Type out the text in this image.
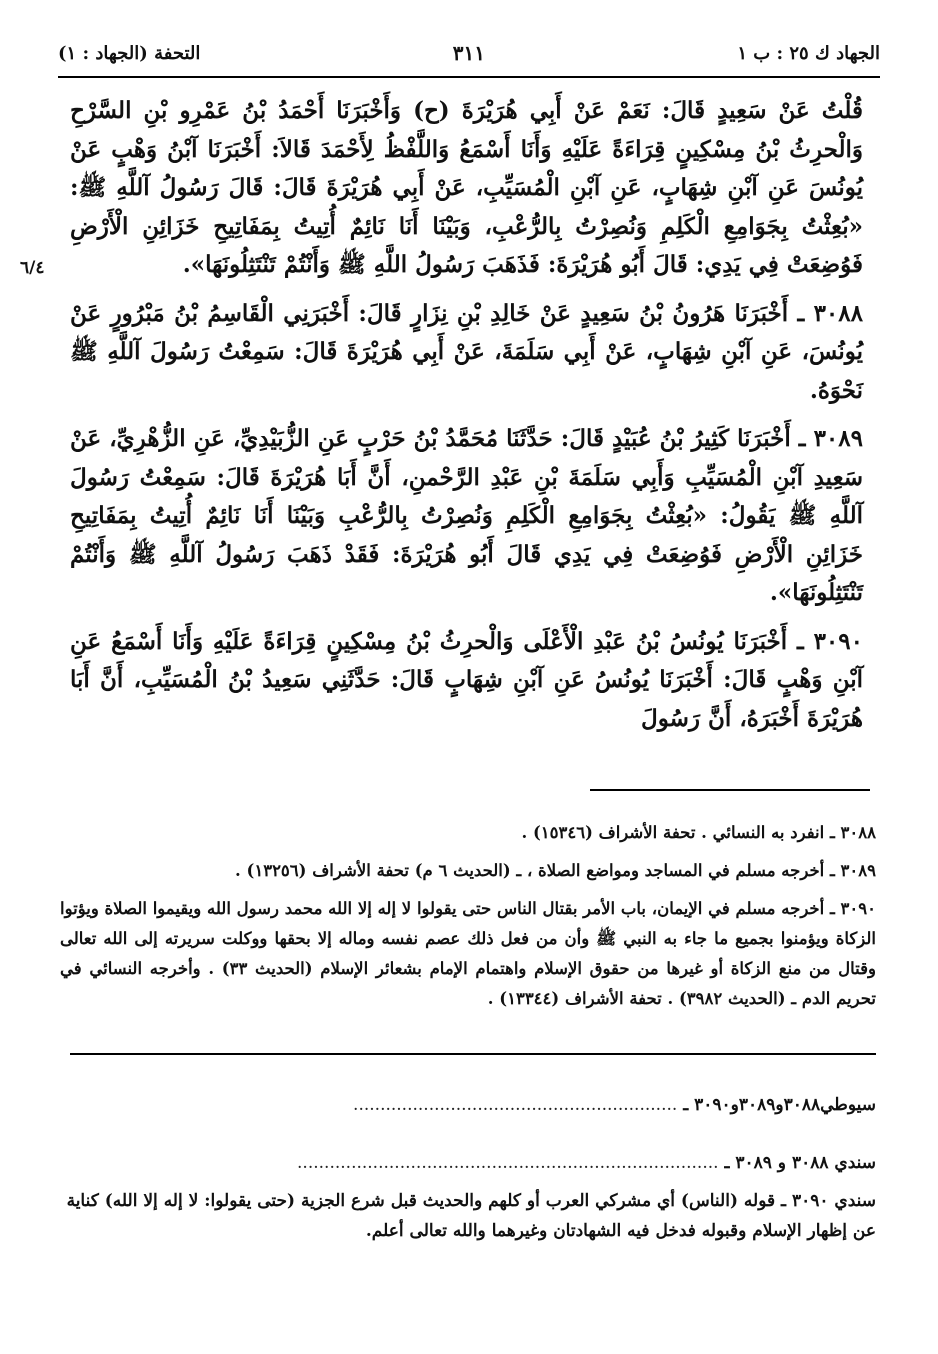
الجهاد ك ٢٥ : ب ١
٣١١
التحفة (الجهاد : ١)
٦/٤

قُلْتُ عَنْ سَعِيدٍ قَالَ: نَعَمْ عَنْ أَبِي هُرَيْرَةَ (ح) وَأَخْبَرَنَا أَحْمَدُ بْنُ عَمْرِو بْنِ السَّرْحِ وَالْحرِثُ بْنُ مِسْكِينٍ قِرَاءَةً عَلَيْهِ وَأَنَا أَسْمَعُ وَاللَّفْظُ لِأَحْمَدَ قَالاَ: أَخْبَرَنَا آبْنُ وَهْبٍ عَنْ يُونُسَ عَنِ آبْنِ شِهَابٍ، عَنِ آبْنِ الْمُسَيِّبِ، عَنْ أَبِي هُرَيْرَةَ قَالَ: قَالَ رَسُولُ آللَّهِ ﷺ: «بُعِثْتُ بِجَوَامِعِ الْكَلِمِ وَنُصِرْتُ بِالرُّعْبِ، وَبَيْنَا أَنَا نَائِمٌ أُتِيتُ بِمَفَاتِيحِ خَزَائِنِ الْأَرْضِ فَوُضِعَتْ فِي يَدِي: قَالَ أَبُو هُرَيْرَةَ: فَذَهَبَ رَسُولُ اللَّهِ ﷺ وَأَنْتُمْ تَنْتَثِلُونَهَا».

٣٠٨٨ ـ أَخْبَرَنَا هَرُونُ بْنُ سَعِيدٍ عَنْ خَالِدِ بْنِ نِزَارٍ قَالَ: أَخْبَرَنِي الْقَاسِمُ بْنُ مَبْرُورٍ عَنْ يُونُسَ، عَنِ آبْنِ شِهَابٍ، عَنْ أَبِي سَلَمَةَ، عَنْ أَبِي هُرَيْرَةَ قَالَ: سَمِعْتُ رَسُولَ آللَّهِ ﷺ نَحْوَهُ.

٣٠٨٩ ـ أَخْبَرَنَا كَثِيرُ بْنُ عُبَيْدٍ قَالَ: حَدَّثَنَا مُحَمَّدُ بْنُ حَرْبٍ عَنِ الزُّبَيْدِيِّ، عَنِ الزُّهْرِيِّ، عَنْ سَعِيدِ آبْنِ الْمُسَيِّبِ وَأَبِي سَلَمَةَ بْنِ عَبْدِ الرَّحْمنِ، أَنَّ أَبَا هُرَيْرَةَ قَالَ: سَمِعْتُ رَسُولَ آللَّهِ ﷺ يَقُولُ: «بُعِثْتُ بِجَوَامِعِ الْكَلِمِ وَنُصِرْتُ بِالرُّعْبِ وَبَيْنَا أَنَا نَائِمٌ أُتِيتُ بِمَفَاتِيحِ خَزَائِنِ الْأَرْضِ فَوُضِعَتْ فِي يَدِي قَالَ أَبُو هُرَيْرَةَ: فَقَدْ ذَهَبَ رَسُولُ آللَّهِ ﷺ وَأَنْتُمْ تَنْتَثِلُونَهَا».

٣٠٩٠ ـ أَخْبَرَنَا يُونُسُ بْنُ عَبْدِ الْأَعْلَى وَالْحرِثُ بْنُ مِسْكِينٍ قِرَاءَةً عَلَيْهِ وَأَنَا أَسْمَعُ عَنِ آبْنِ وَهْبٍ قَالَ: أَخْبَرَنَا يُونُسُ عَنِ آبْنِ شِهَابٍ قَالَ: حَدَّثَنِي سَعِيدُ بْنُ الْمُسَيِّبِ، أَنَّ أَبَا هُرَيْرَةَ أَخْبَرَهُ، أَنَّ رَسُولَ

٣٠٨٨ ـ انفرد به النسائي . تحفة الأشراف (١٥٣٤٦) .

٣٠٨٩ ـ أخرجه مسلم في المساجد ومواضع الصلاة ، ـ (الحديث ٦ م) تحفة الأشراف (١٣٢٥٦) .

٣٠٩٠ ـ أخرجه مسلم في الإيمان، باب الأمر بقتال الناس حتى يقولوا لا إله إلا الله محمد رسول الله ويقيموا الصلاة ويؤتوا الزكاة ويؤمنوا بجميع ما جاء به النبي ﷺ وأن من فعل ذلك عصم نفسه وماله إلا بحقها ووكلت سريرته إلى الله تعالى وقتال من منع الزكاة أو غيرها من حقوق الإسلام واهتمام الإمام بشعائر الإسلام (الحديث ٣٣) . وأخرجه النسائي في تحريم الدم ـ (الحديث ٣٩٨٢) . تحفة الأشراف (١٣٣٤٤) .

سيوطي٣٠٨٨و٣٠٨٩و٣٠٩٠ ـ ............................................................

سندي ٣٠٨٨ و ٣٠٨٩ ـ ..............................................................................

سندي ٣٠٩٠ ـ قوله (الناس) أي مشركي العرب أو كلهم والحديث قبل شرع الجزية (حتى يقولوا: لا إله إلا الله) كناية عن إظهار الإسلام وقبوله فدخل فيه الشهادتان وغيرهما والله تعالى أعلم.
